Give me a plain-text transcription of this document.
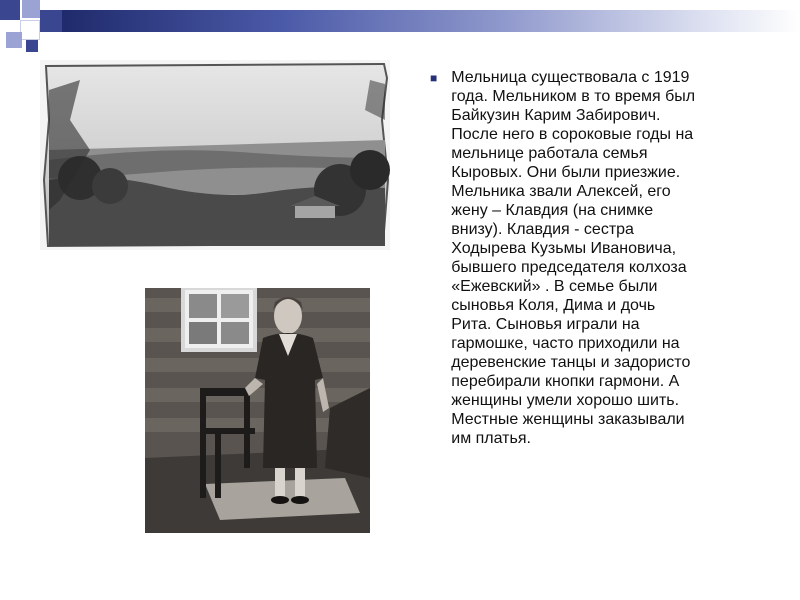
■ Мельница существовала с 1919
года. Мельником в то время был
Байкузин Карим Забирович.
После него в сороковые годы на
мельнице работала семья
Кыровых. Они были приезжие.
Мельника звали Алексей, его
жену – Клавдия (на снимке
внизу). Клавдия - сестра
Ходырева Кузьмы Ивановича,
бывшего председателя колхоза
«Ежевский» . В семье были
сыновья Коля, Дима и дочь
Рита. Сыновья играли на
гармошке, часто приходили на
деревенские танцы и задористо
перебирали кнопки гармони. А
женщины умели хорошо шить.
Местные женщины заказывали
им платья.
